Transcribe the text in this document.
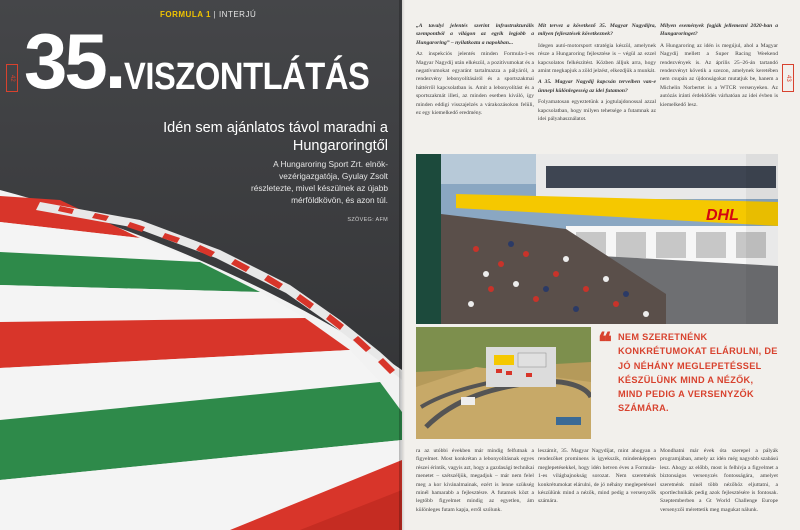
FORMULA 1 | INTERJÚ
42 35. VISZONTLÁTÁS
Idén sem ajánlatos távol maradni a Hungaroringtől
A Hungaroring Sport Zrt. elnök-vezérigazgatója, Gyulay Zsolt részletezte, mivel készülnek az újabb mérföldkövön, és azon túl.
SZÖVEG: AFM
43

„A tavalyi jelentés szerint infrastrukturális szempontból a világon az egyik legjobb a Hungaroring” – nyilatkozta a napokban...

Az inspekciós jelentés minden Formula-1-es Magyar Nagydíj után elkészül, a pozitívumokat és a negatívumokat egyaránt tartalmazza a pályáról, a rendezvény lebonyolításáról és a sportszakmai háttérről kapcsolatban is. Amit a lebonyolítást és a sportszakmát illeti, az minden esetben kiváló, így minden eddigi visszajelzés a várakozásokon felüli, ez egy kiemelkedő eredmény.

Mit tervez a következő 35. Magyar Nagydíjra, milyen fejlesztések következnek?

Idegen autó-motorsport stratégia készül, amelynek része a Hungaroring fejlesztése is – végül az ezzel kapcsolatos felkészítést. Közben álljuk arra, hogy amint megkapjuk a zöld jelzést, elkezdjük a munkát.

A 35. Magyar Nagydíj kapcsán terveiben van-e ünnepi különlegesség az idei futamon?

Folyamatosan egyeztetünk a jogtulajdonossal azzal kapcsolatban, hogy milyen tehetsége a futamnak az idei pályahasználatot.

Milyen események fogják jellemezni 2020-ban a Hungaroringet?

A Hungaroring az idén is megújul, ahol a Magyar Nagydíj mellett a Super Racing Weekend rendezvények is. Az április 25–26-án tartandó rendezvényt követik a szezon, amelynek keretében nem csupán az újdonságokat mutatjuk be, hanem a Michelin Norbertet is a WTCR versenyeken. Az autózás iránti érdeklődés várhatóan az idei évben is kiemelkedő lesz.

DHL
❝ NEM SZERETNÉNK KONKRÉTUMOKAT ELÁRULNI, DE JÓ NÉHÁNY MEGLEPETÉSSEL KÉSZÜLÜNK MIND A NÉZŐK, MIND PEDIG A VERSENYZŐK SZÁMÁRA.

ra az utóbbi években már mindig felfutnak a figyelmet. Most konkrétan a lebonyolításnak egyes részei érintik, vagyis azt, hogy a gazdasági technikai menetet – szétszéljük, megadjuk – már nem felel meg a kor kívánalmainak, ezért is lenne szükség minél hamarabb a fejlesztésre. A futamok közt a legtöbb figyelmet mindig az egyetlen, ám különleges futam kapja, erről szólunk.

leszámít, 35. Magyar Nagydíjat, mint ahogyan a rendezőket prominens is igyekszik, mindenképpen meglepetésekkel, hogy idén hetven éves a Formula-1-es világbajnokság sorozat. Nem szeretnénk konkrétumokat elárulni, de jó néhány meglepetéssel készülünk mind a nézők, mind pedig a versenyzők számára.

Mondhatni már évek óta szerepel a pályák programjában, amely az idén még nagyobb szabású lesz. Ahogy az előbb, most is felhívja a figyelmet a biztonságos versenyzés fontosságára, amelyet szeretnénk minél több nézőhöz eljuttatni, a sportlechnikák pedig azok fejlesztésére is fontosak. Szeptemberben a Gt World Challenge Europe versenyzői mérettetik meg magukat nálunk.
